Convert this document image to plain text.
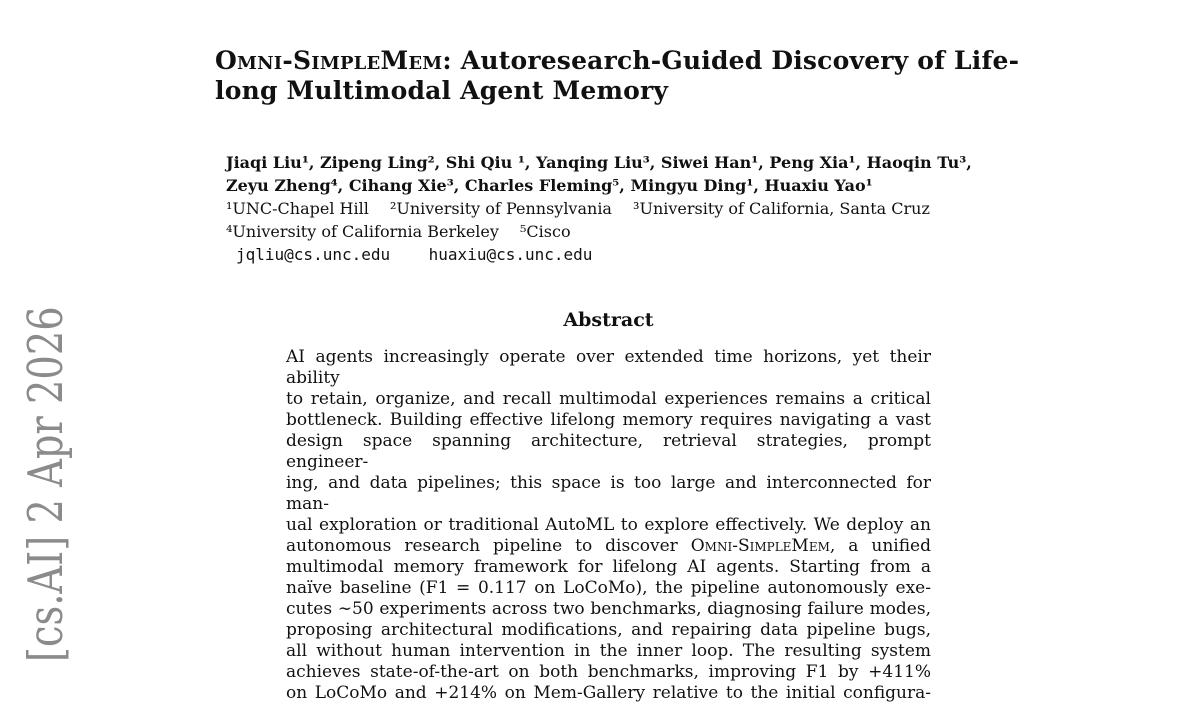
[cs.AI] 2 Apr 2026
Omni-SimpleMem: Autoresearch-Guided Discovery of Life-
long Multimodal Agent Memory
Jiaqi Liu¹, Zipeng Ling², Shi Qiu ¹, Yanqing Liu³, Siwei Han¹, Peng Xia¹, Haoqin Tu³,
Zeyu Zheng⁴, Cihang Xie³, Charles Fleming⁵, Mingyu Ding¹, Huaxiu Yao¹
¹UNC-Chapel Hill  ²University of Pennsylvania  ³University of California, Santa Cruz
⁴University of California Berkeley  ⁵Cisco
jqliu@cs.unc.edu    huaxiu@cs.unc.edu
Abstract
AI agents increasingly operate over extended time horizons, yet their ability
to retain, organize, and recall multimodal experiences remains a critical
bottleneck. Building effective lifelong memory requires navigating a vast
design space spanning architecture, retrieval strategies, prompt engineer-
ing, and data pipelines; this space is too large and interconnected for man-
ual exploration or traditional AutoML to explore effectively. We deploy an
autonomous research pipeline to discover Omni-SimpleMem, a unified
multimodal memory framework for lifelong AI agents. Starting from a
naïve baseline (F1 = 0.117 on LoCoMo), the pipeline autonomously exe-
cutes ∼50 experiments across two benchmarks, diagnosing failure modes,
proposing architectural modifications, and repairing data pipeline bugs,
all without human intervention in the inner loop. The resulting system
achieves state-of-the-art on both benchmarks, improving F1 by +411%
on LoCoMo and +214% on Mem-Gallery relative to the initial configura-
